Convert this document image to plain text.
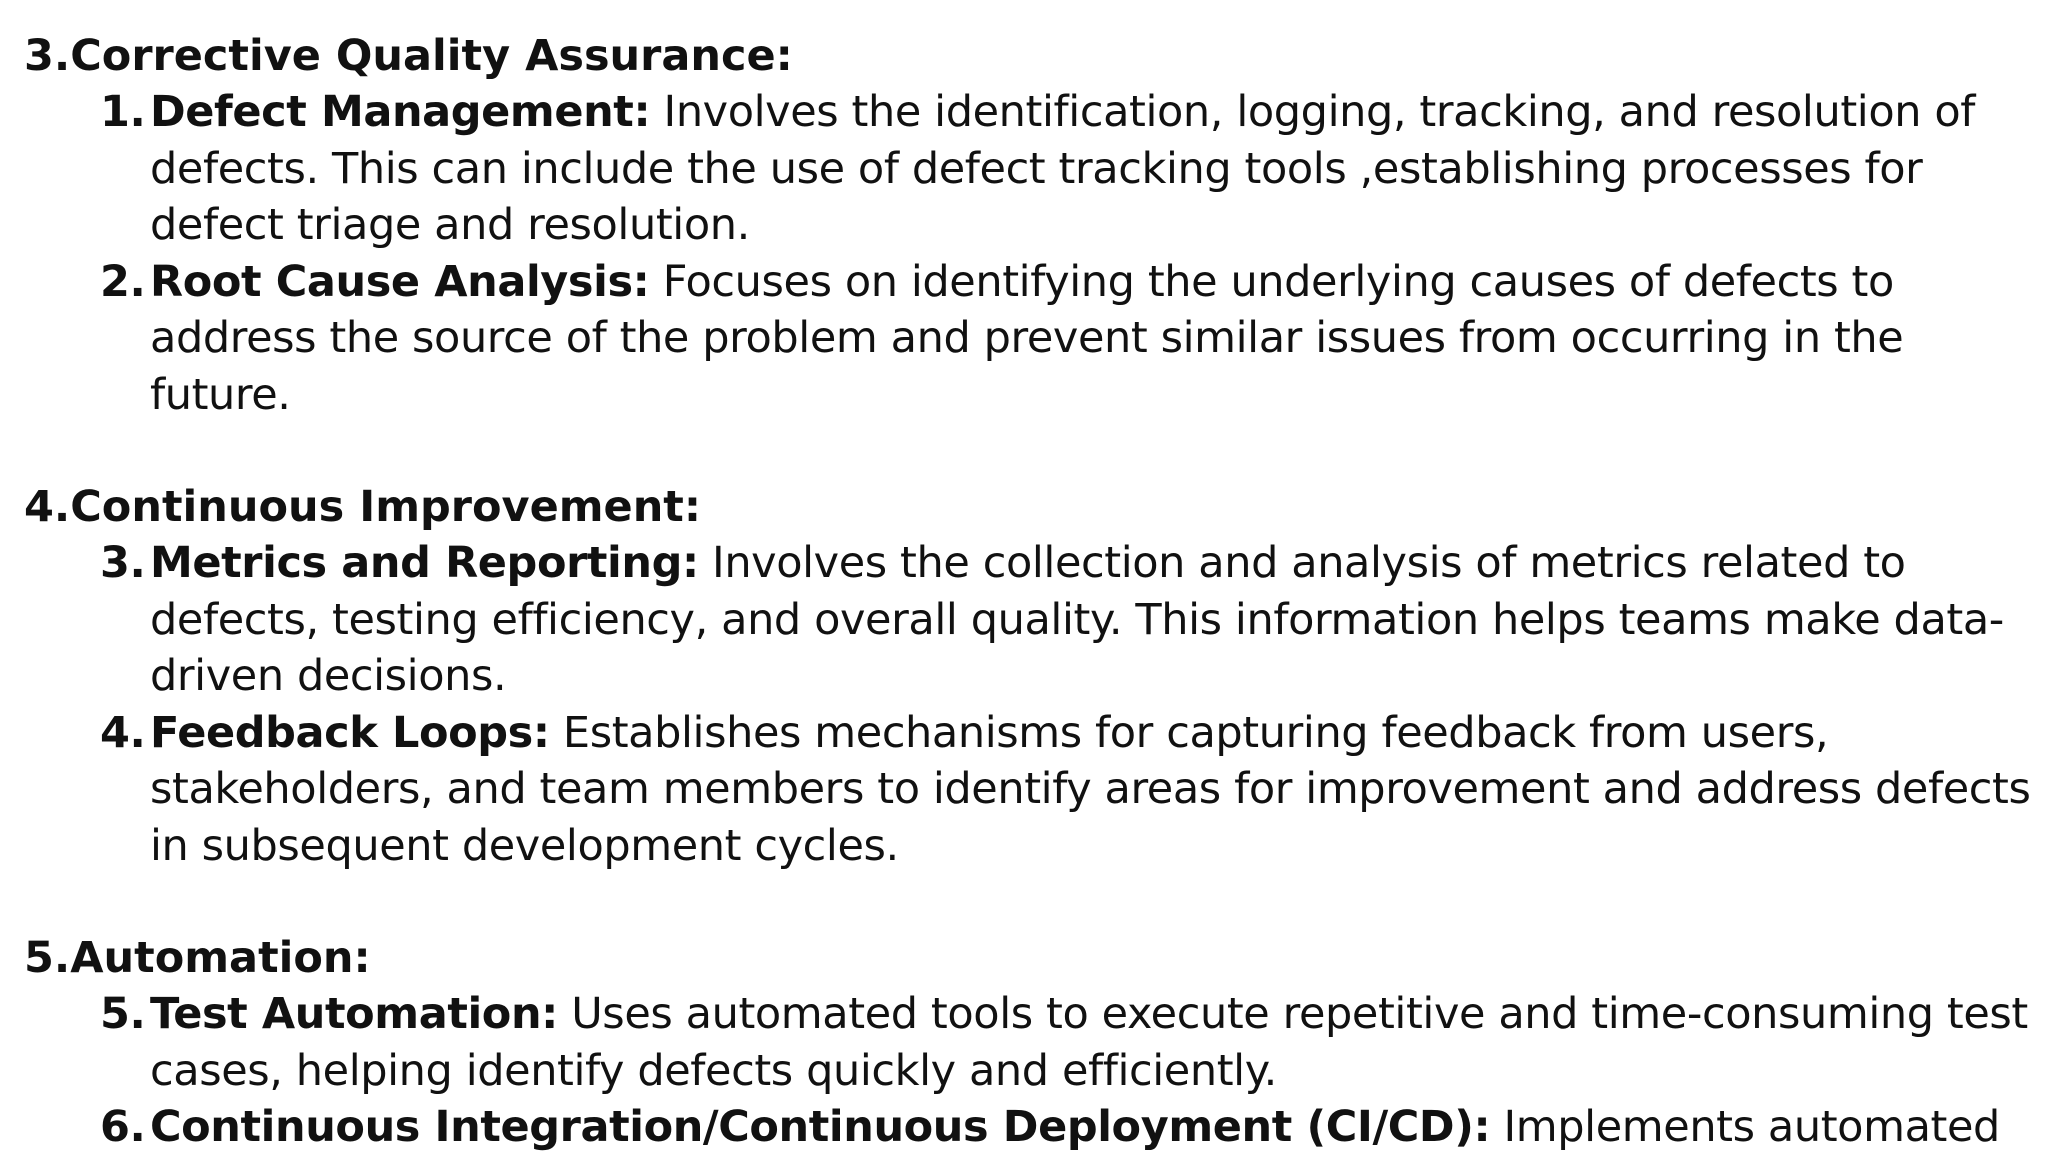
3.Corrective Quality Assurance:

1. Defect Management: Involves the identification, logging, tracking, and resolution of defects. This can include the use of defect tracking tools ,establishing processes for defect triage and resolution.
2. Root Cause Analysis: Focuses on identifying the underlying causes of defects to address the source of the problem and prevent similar issues from occurring in the future.

4.Continuous Improvement:

3. Metrics and Reporting: Involves the collection and analysis of metrics related to defects, testing efficiency, and overall quality. This information helps teams make data-driven decisions.
4. Feedback Loops: Establishes mechanisms for capturing feedback from users, stakeholders, and team members to identify areas for improvement and address defects in subsequent development cycles.

5.Automation:

5. Test Automation: Uses automated tools to execute repetitive and time-consuming test cases, helping identify defects quickly and efficiently.
6. Continuous Integration/Continuous Deployment (CI/CD): Implements automated
